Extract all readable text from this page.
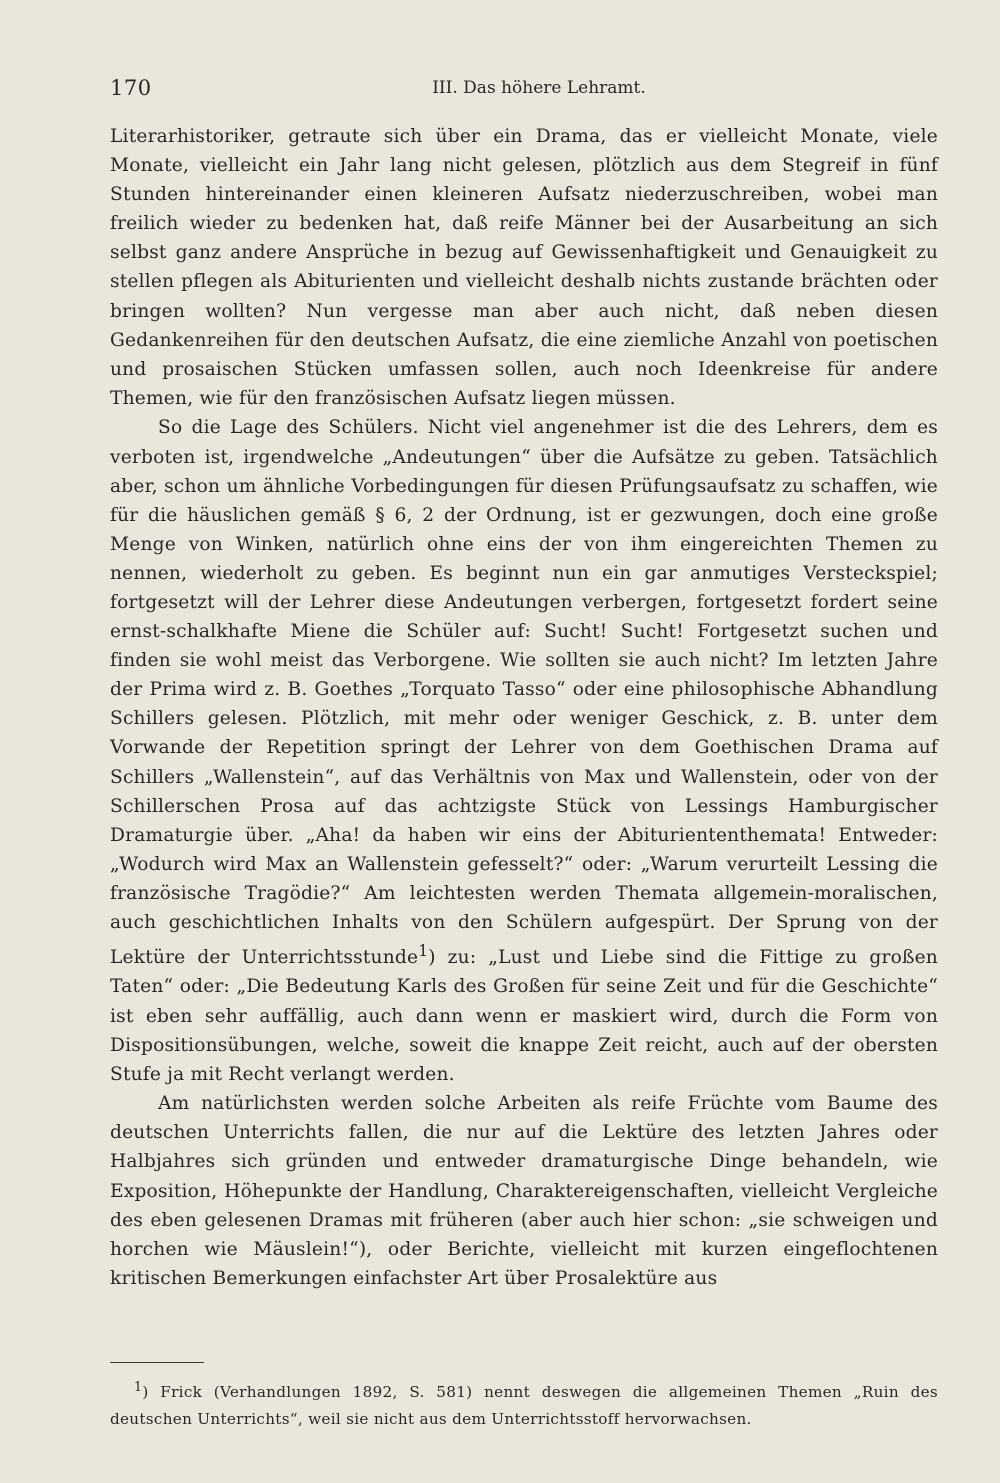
170	III. Das höhere Lehramt.

Literarhistoriker, getraute sich über ein Drama, das er vielleicht Monate, viele Monate, vielleicht ein Jahr lang nicht gelesen, plötzlich aus dem Stegreif in fünf Stunden hintereinander einen kleineren Aufsatz niederzuschreiben, wobei man freilich wieder zu bedenken hat, daß reife Männer bei der Ausarbeitung an sich selbst ganz andere Ansprüche in bezug auf Gewissenhaftigkeit und Genauigkeit zu stellen pflegen als Abiturienten und vielleicht deshalb nichts zustande brächten oder bringen wollten? Nun vergesse man aber auch nicht, daß neben diesen Gedankenreihen für den deutschen Aufsatz, die eine ziemliche Anzahl von poetischen und prosaischen Stücken umfassen sollen, auch noch Ideenkreise für andere Themen, wie für den französischen Aufsatz liegen müssen.

So die Lage des Schülers. Nicht viel angenehmer ist die des Lehrers, dem es verboten ist, irgendwelche „Andeutungen“ über die Aufsätze zu geben. Tatsächlich aber, schon um ähnliche Vorbedingungen für diesen Prüfungsaufsatz zu schaffen, wie für die häuslichen gemäß § 6, 2 der Ordnung, ist er gezwungen, doch eine große Menge von Winken, natürlich ohne eins der von ihm eingereichten Themen zu nennen, wiederholt zu geben. Es beginnt nun ein gar anmutiges Versteckspiel; fortgesetzt will der Lehrer diese Andeutungen verbergen, fortgesetzt fordert seine ernst-schalkhafte Miene die Schüler auf: Sucht! Sucht! Fortgesetzt suchen und finden sie wohl meist das Verborgene. Wie sollten sie auch nicht? Im letzten Jahre der Prima wird z. B. Goethes „Torquato Tasso“ oder eine philosophische Abhandlung Schillers gelesen. Plötzlich, mit mehr oder weniger Geschick, z. B. unter dem Vorwande der Repetition springt der Lehrer von dem Goethischen Drama auf Schillers „Wallenstein“, auf das Verhältnis von Max und Wallenstein, oder von der Schillerschen Prosa auf das achtzigste Stück von Lessings Hamburgischer Dramaturgie über. „Aha! da haben wir eins der Abituriententhemata! Entweder: „Wodurch wird Max an Wallenstein gefesselt?“ oder: „Warum verurteilt Lessing die französische Tragödie?“ Am leichtesten werden Themata allgemein-moralischen, auch geschichtlichen Inhalts von den Schülern aufgespürt. Der Sprung von der Lektüre der Unterrichtsstunde$^1$) zu: „Lust und Liebe sind die Fittige zu großen Taten“ oder: „Die Bedeutung Karls des Großen für seine Zeit und für die Geschichte“ ist eben sehr auffällig, auch dann wenn er maskiert wird, durch die Form von Dispositionsübungen, welche, soweit die knappe Zeit reicht, auch auf der obersten Stufe ja mit Recht verlangt werden.

Am natürlichsten werden solche Arbeiten als reife Früchte vom Baume des deutschen Unterrichts fallen, die nur auf die Lektüre des letzten Jahres oder Halbjahres sich gründen und entweder dramaturgische Dinge behandeln, wie Exposition, Höhepunkte der Handlung, Charaktereigenschaften, vielleicht Vergleiche des eben gelesenen Dramas mit früheren (aber auch hier schon: „sie schweigen und horchen wie Mäuslein!“), oder Berichte, vielleicht mit kurzen eingeflochtenen kritischen Bemerkungen einfachster Art über Prosalektüre aus

$^1$) Frick (Verhandlungen 1892, S. 581) nennt deswegen die allgemeinen Themen „Ruin des deutschen Unterrichts“, weil sie nicht aus dem Unterrichtsstoff hervorwachsen.
